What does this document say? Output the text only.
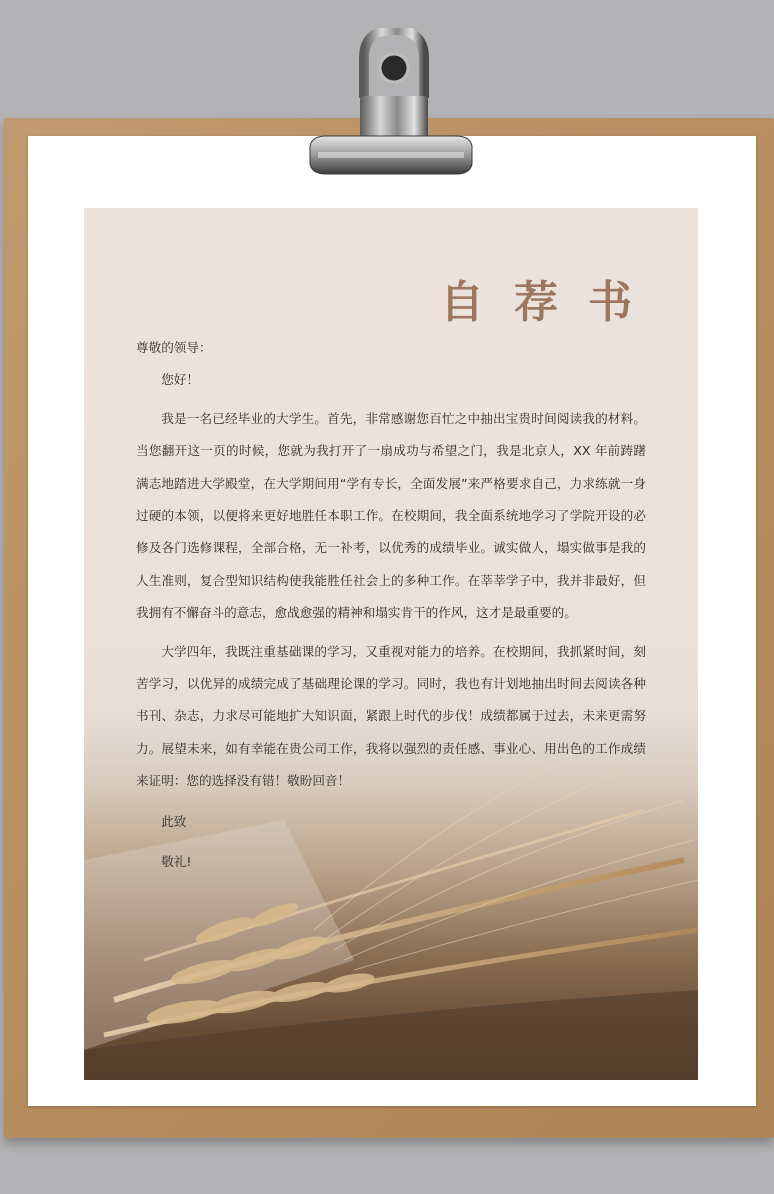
自荐书

尊敬的领导：

您好！

我是一名已经毕业的大学生。首先，非常感谢您百忙之中抽出宝贵时间阅读我的材料。当您翻开这一页的时候，您就为我打开了一扇成功与希望之门，我是北京人，XX 年前踌躇满志地踏进大学殿堂，在大学期间用“学有专长，全面发展”来严格要求自己，力求练就一身过硬的本领，以便将来更好地胜任本职工作。在校期间，我全面系统地学习了学院开设的必修及各门选修课程，全部合格，无一补考，以优秀的成绩毕业。诚实做人，塌实做事是我的人生准则，复合型知识结构使我能胜任社会上的多种工作。在莘莘学子中，我并非最好，但我拥有不懈奋斗的意志，愈战愈强的精神和塌实肯干的作风，这才是最重要的。

大学四年，我既注重基础课的学习，又重视对能力的培养。在校期间，我抓紧时间，刻苦学习，以优异的成绩完成了基础理论课的学习。同时，我也有计划地抽出时间去阅读各种书刊、杂志，力求尽可能地扩大知识面，紧跟上时代的步伐！成绩都属于过去，未来更需努力。展望未来，如有幸能在贵公司工作，我将以强烈的责任感、事业心、用出色的工作成绩来证明：您的选择没有错！敬盼回音！

此致

敬礼!
